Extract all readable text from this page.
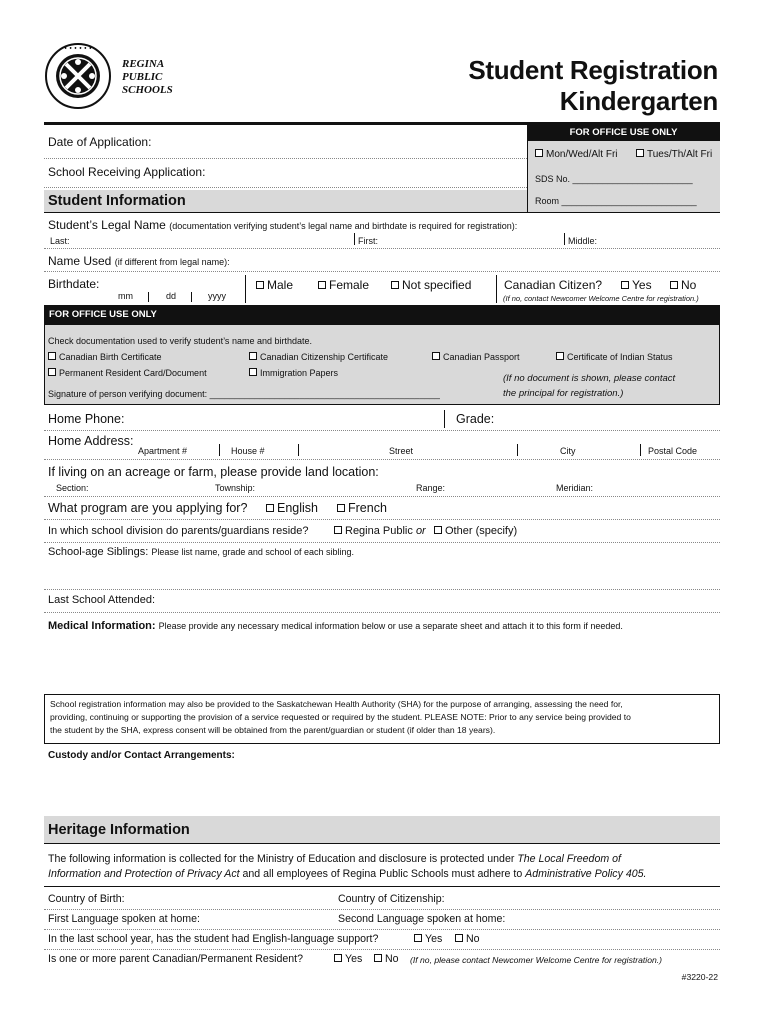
• • • • • •
REGINA
PUBLIC
SCHOOLS
Student Registration
Kindergarten
FOR OFFICE USE ONLY
Mon/Wed/Alt Fri	Tues/Th/Alt Fri
SDS No. ________________________
Room ___________________________
Date of Application:
School Receiving Application:
Student Information
Student’s Legal Name (documentation verifying student’s legal name and birthdate is required for registration):
Last:	First:	Middle:
Name Used (if different from legal name):
Birthdate:
mm	dd	yyyy
Male	Female	Not specified	Canadian Citizen?	Yes	No
(If no, contact Newcomer Welcome Centre for registration.)
FOR OFFICE USE ONLY
Check documentation used to verify student’s name and birthdate.
Canadian Birth Certificate	Canadian Citizenship Certificate	Canadian Passport	Certificate of Indian Status
Permanent Resident Card/Document	Immigration Papers	(If no document is shown, please contact
the principal for registration.)
Signature of person verifying document: ______________________________________________
Home Phone:	Grade:
Home Address:
Apartment #	House #	Street	City	Postal Code
If living on an acreage or farm, please provide land location:
Section:	Township:	Range:	Meridian:
What program are you applying for?	English	French
In which school division do parents/guardians reside?	Regina Public or	Other (specify)
School-age Siblings: Please list name, grade and school of each sibling.
Last School Attended:
Medical Information: Please provide any necessary medical information below or use a separate sheet and attach it to this form if needed.
School registration information may also be provided to the Saskatchewan Health Authority (SHA) for the purpose of arranging, assessing the need for,
providing, continuing or supporting the provision of a service requested or required by the student. PLEASE NOTE: Prior to any service being provided to
the student by the SHA, express consent will be obtained from the parent/guardian or student (if older than 18 years).
Custody and/or Contact Arrangements:
Heritage Information
The following information is collected for the Ministry of Education and disclosure is protected under The Local Freedom of
Information and Protection of Privacy Act and all employees of Regina Public Schools must adhere to Administrative Policy 405.
Country of Birth:	Country of Citizenship:
First Language spoken at home:	Second Language spoken at home:
In the last school year, has the student had English-language support?	Yes	No
Is one or more parent Canadian/Permanent Resident?	Yes	No (If no, please contact Newcomer Welcome Centre for registration.)
#3220-22
